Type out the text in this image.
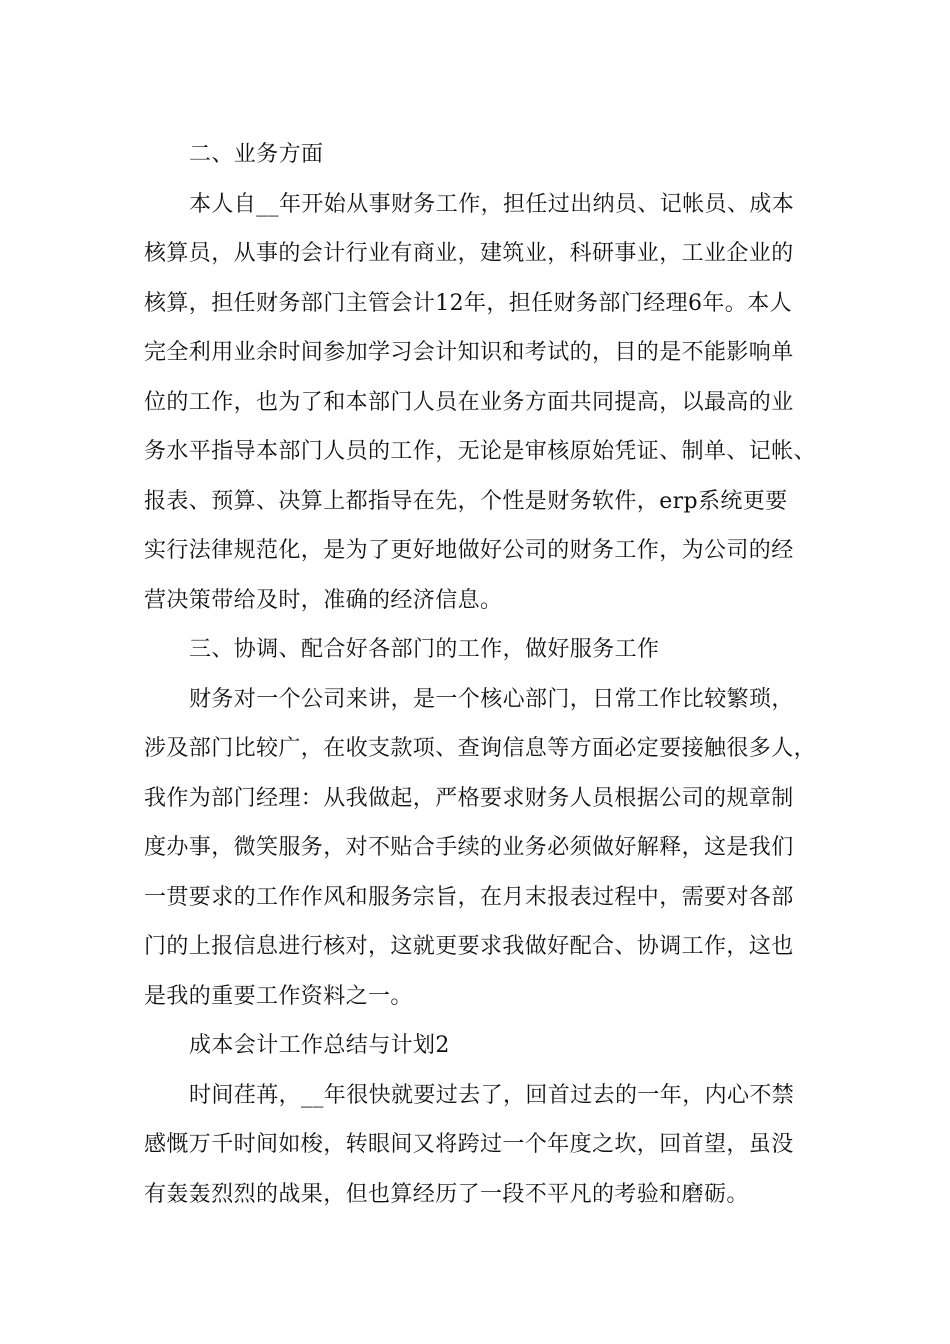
二、业务方面
本人自__年开始从事财务工作，担任过出纳员、记帐员、成本
核算员，从事的会计行业有商业，建筑业，科研事业，工业企业的
核算，担任财务部门主管会计12年，担任财务部门经理6年。本人
完全利用业余时间参加学习会计知识和考试的，目的是不能影响单
位的工作，也为了和本部门人员在业务方面共同提高，以最高的业
务水平指导本部门人员的工作，无论是审核原始凭证、制单、记帐、
报表、预算、决算上都指导在先，个性是财务软件，erp系统更要
实行法律规范化，是为了更好地做好公司的财务工作，为公司的经
营决策带给及时，准确的经济信息。
三、协调、配合好各部门的工作，做好服务工作
财务对一个公司来讲，是一个核心部门，日常工作比较繁琐，
涉及部门比较广，在收支款项、查询信息等方面必定要接触很多人，
我作为部门经理：从我做起，严格要求财务人员根据公司的规章制
度办事，微笑服务，对不贴合手续的业务必须做好解释，这是我们
一贯要求的工作作风和服务宗旨，在月末报表过程中，需要对各部
门的上报信息进行核对，这就更要求我做好配合、协调工作，这也
是我的重要工作资料之一。
成本会计工作总结与计划2
时间荏苒，__年很快就要过去了，回首过去的一年，内心不禁
感慨万千时间如梭，转眼间又将跨过一个年度之坎，回首望，虽没
有轰轰烈烈的战果，但也算经历了一段不平凡的考验和磨砺。
